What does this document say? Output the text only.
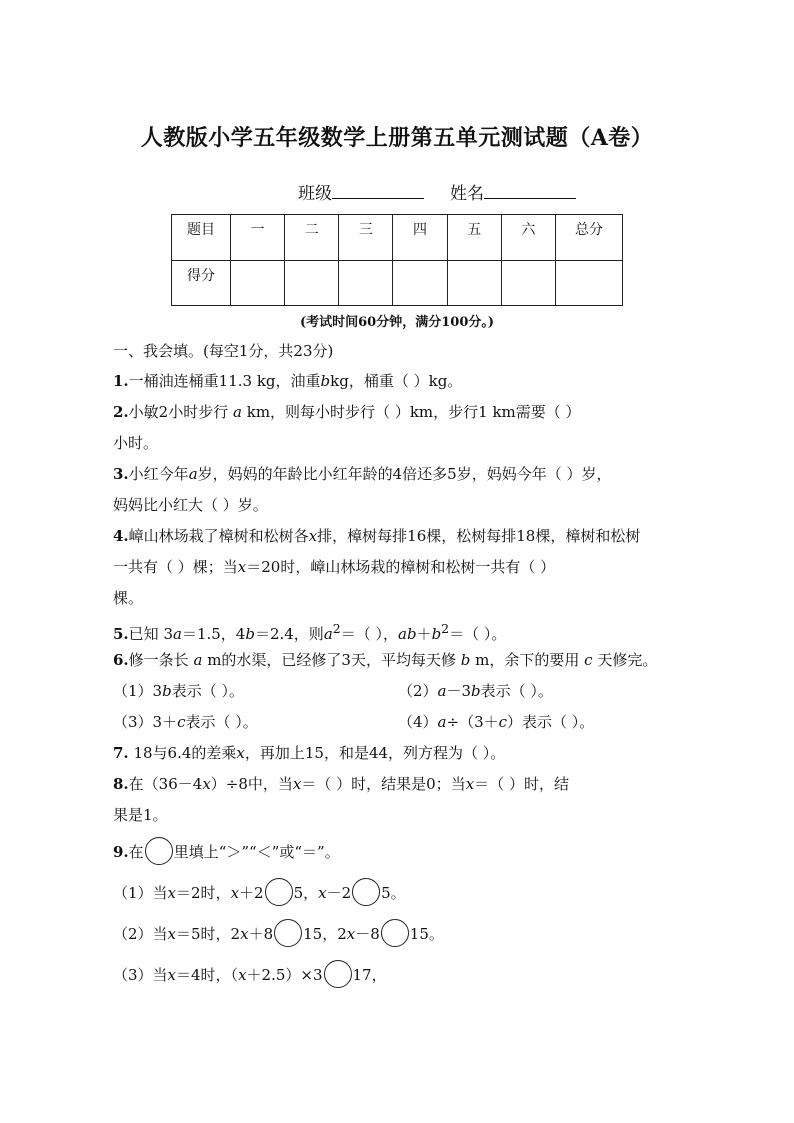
人教版小学五年级数学上册第五单元测试题（A卷）
班级	姓名
题目	一	二	三	四	五	六	总分
得分							
(考试时间60分钟，满分100分。)
一、我会填。(每空1分，共23分)
1.一桶油连桶重11.3 kg，油重bkg，桶重（ ）kg。
2.小敏2小时步行 a km，则每小时步行（ ）km，步行1 km需要（ ）
小时。
3.小红今年a岁，妈妈的年龄比小红年龄的4倍还多5岁，妈妈今年（ ）岁，
妈妈比小红大（ ）岁。
4.嶂山林场栽了樟树和松树各x排，樟树每排16棵，松树每排18棵，樟树和松树
一共有（ ）棵；当x＝20时，嶂山林场栽的樟树和松树一共有（ ）
棵。
5.已知 3a＝1.5，4b＝2.4，则$a^2=$（ ），$ab+b^2=$（ ）。
6.修一条长 a m的水渠，已经修了3天，平均每天修 b m，余下的要用 c 天修完。
（1）3b表示（ ）。	（2）a－3b表示（ ）。
（3）3＋c表示（ ）。	（4）a÷（3＋c）表示（ ）。
7. 18与6.4的差乘x，再加上15，和是44，列方程为（ ）。
8.在（36－4x）÷8中，当x＝（ ）时，结果是0；当x＝（ ）时，结
果是1。
9.在 里填上“＞”“＜”或“＝”。
（1）当x＝2时，x＋2 5，x－2 5。
（2）当x＝5时，2x＋8 15，2x－8 15。
（3）当x＝4时，（x＋2.5）×3 17，
